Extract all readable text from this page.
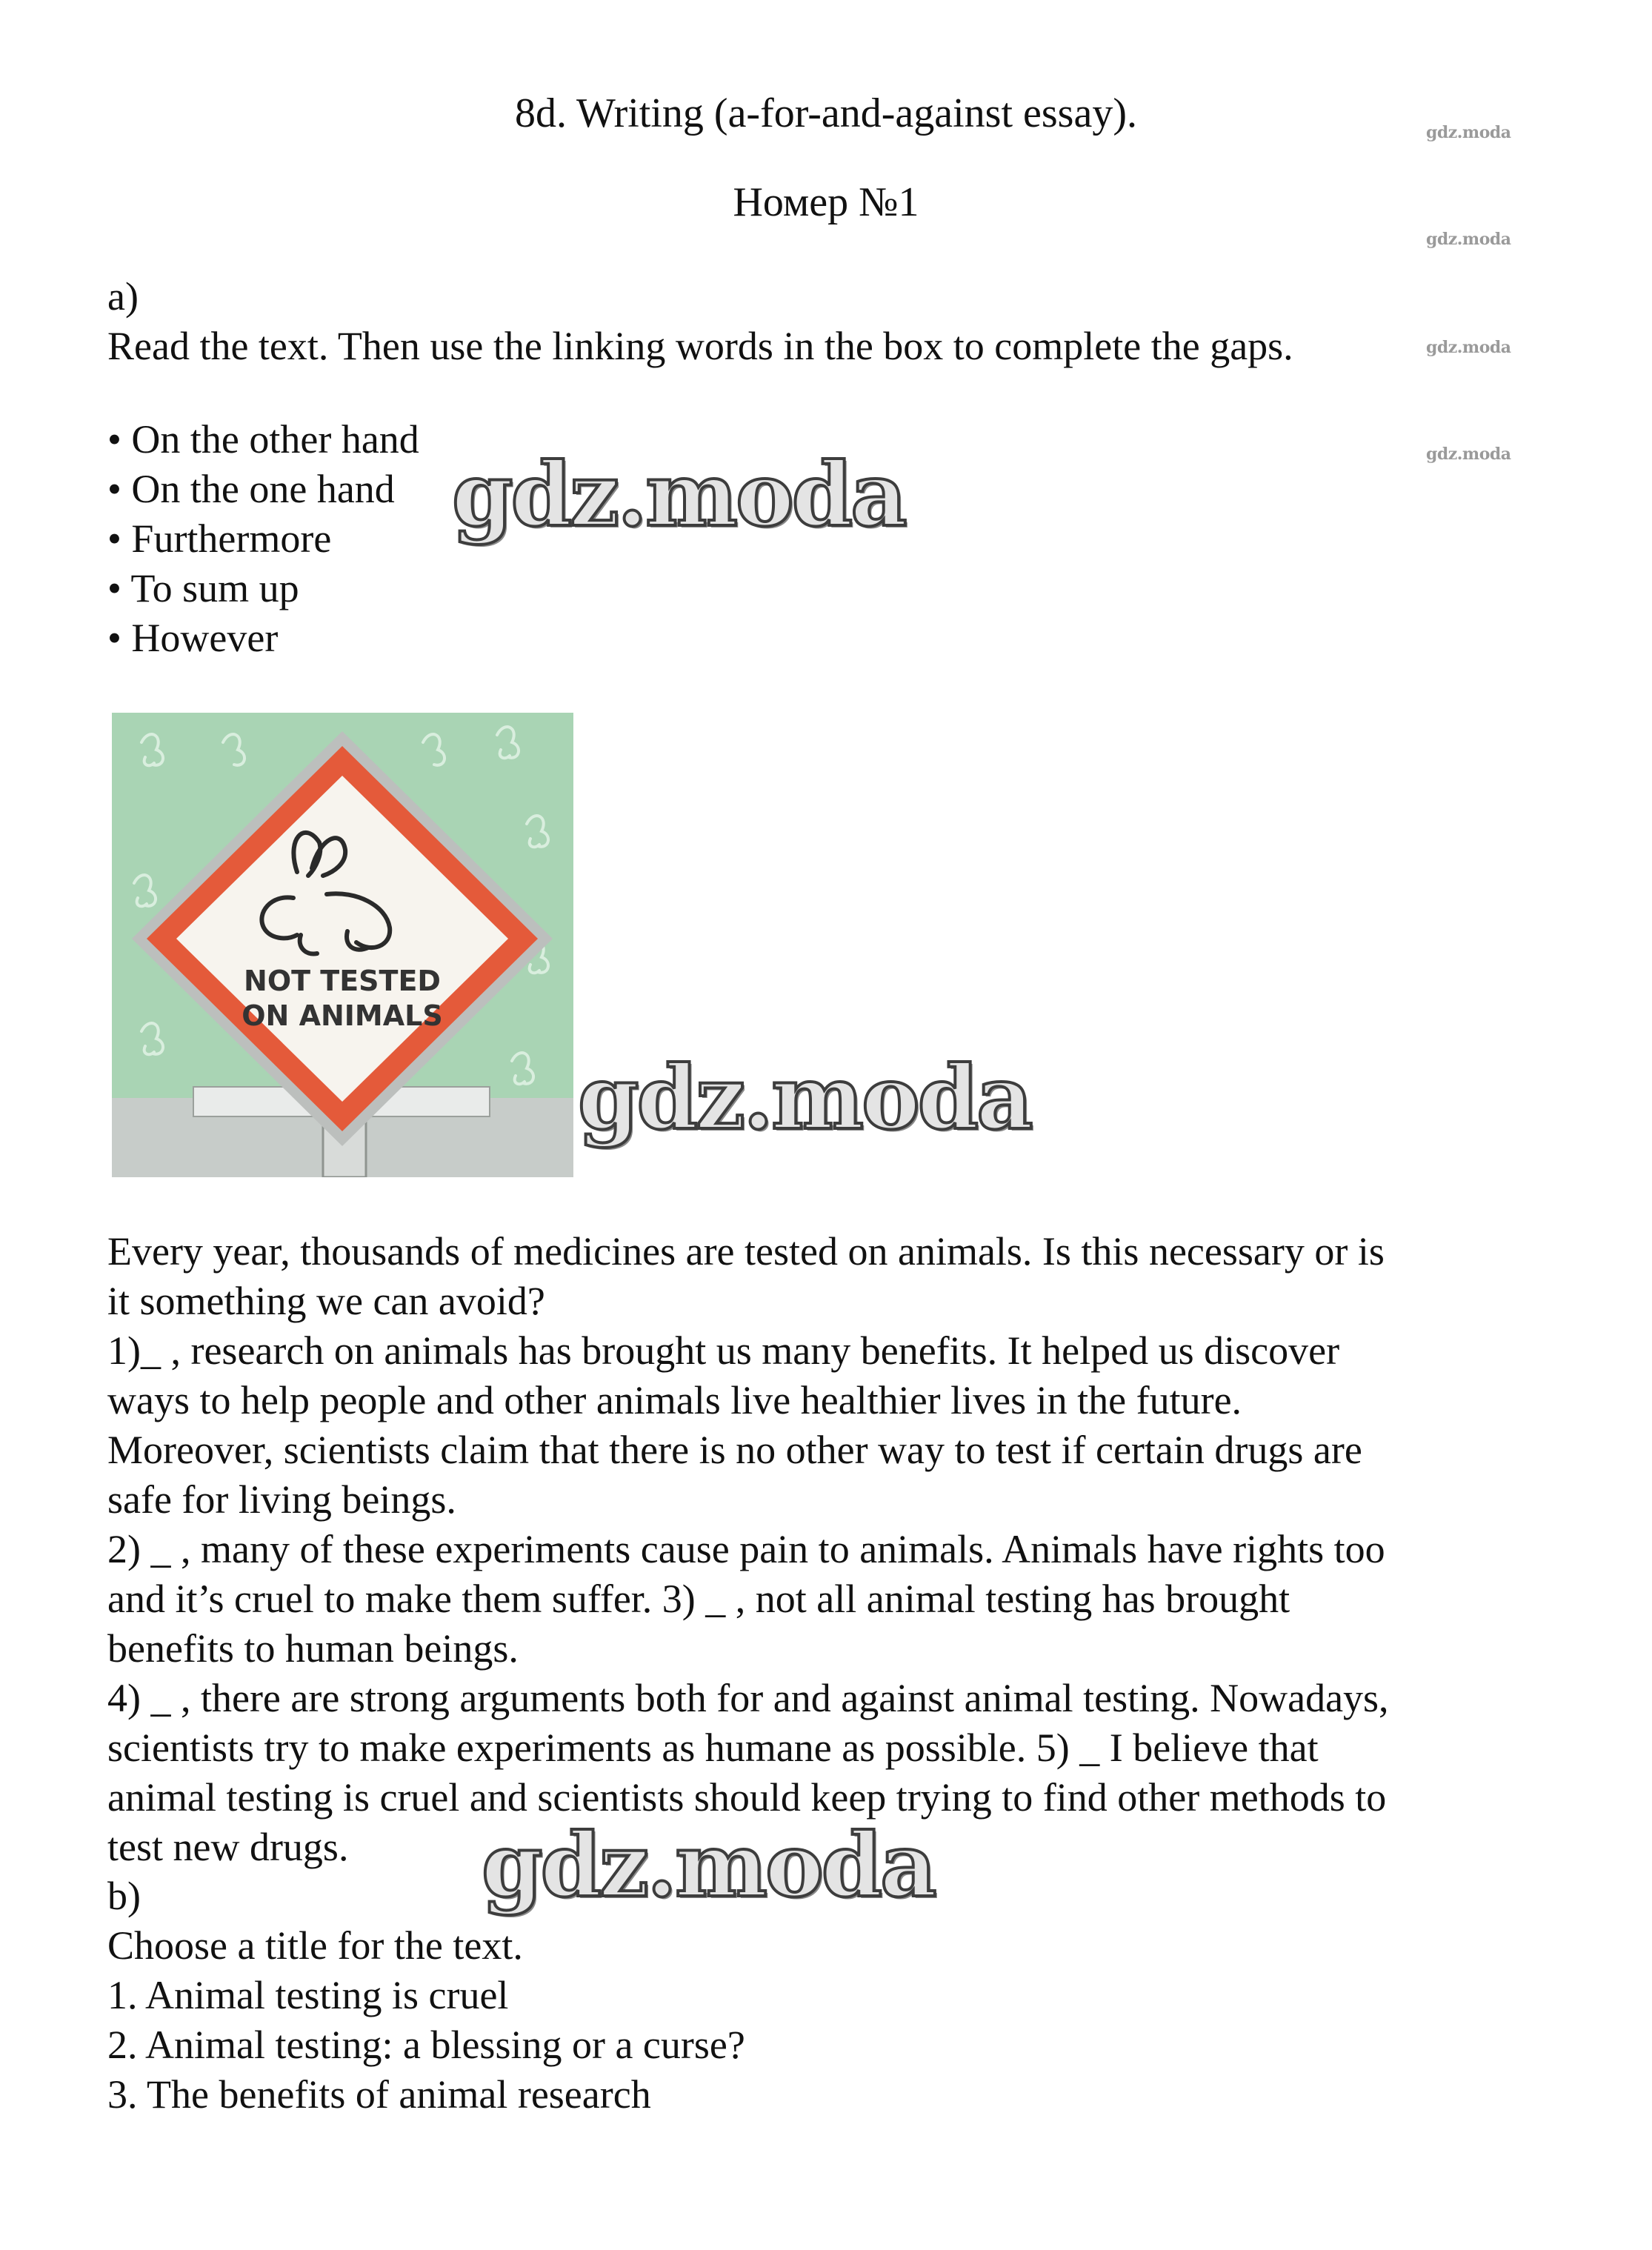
8d. Writing (a-for-and-against essay).
Номер №1
gdz.moda
gdz.moda
gdz.moda
gdz.moda
a)
Read the text. Then use the linking words in the box to complete the gaps.
• On the other hand
• On the one hand
• Furthermore
• To sum up
• However
gdz.moda
NOT TESTED
ON ANIMALS
gdz.moda
Every year, thousands of medicines are tested on animals. Is this necessary or is
it something we can avoid?
1)_ , research on animals has brought us many benefits. It helped us discover
ways to help people and other animals live healthier lives in the future.
Moreover, scientists claim that there is no other way to test if certain drugs are
safe for living beings.
2) _ , many of these experiments cause pain to animals. Animals have rights too
and it’s cruel to make them suffer. 3) _ , not all animal testing has brought
benefits to human beings.
4) _ , there are strong arguments both for and against animal testing. Nowadays,
scientists try to make experiments as humane as possible. 5) _ I believe that
animal testing is cruel and scientists should keep trying to find other methods to
test new drugs.	gdz.moda
b)
Choose a title for the text.
1. Animal testing is cruel
2. Animal testing: a blessing or a curse?
3. The benefits of animal research
